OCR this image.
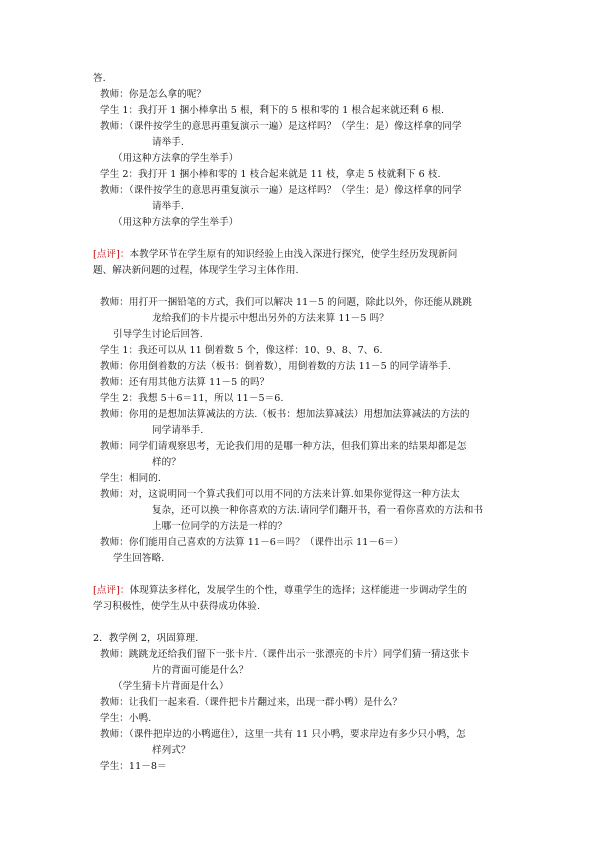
答.
教师：你是怎么拿的呢？
学生 1：我打开 1 捆小棒拿出 5 根，剩下的 5 根和零的 1 根合起来就还剩 6 根.
教师：（课件按学生的意思再重复演示一遍）是这样吗？（学生：是）像这样拿的同学
请举手.
（用这种方法拿的学生举手）
学生 2：我打开 1 捆小棒和零的 1 枝合起来就是 11 枝，拿走 5 枝就剩下 6 枝.
教师：（课件按学生的意思再重复演示一遍）是这样吗？（学生：是）像这样拿的同学
请举手.
（用这种方法拿的学生举手）
[点评]：本教学环节在学生原有的知识经验上由浅入深进行探究，使学生经历发现新问
题、解决新问题的过程，体现学生学习主体作用.
教师：用打开一捆铅笔的方式，我们可以解决 11－5 的问题，除此以外，你还能从跳跳
龙给我们的卡片提示中想出另外的方法来算 11－5 吗？
引导学生讨论后回答.
学生 1：我还可以从 11 倒着数 5 个，像这样：10、9、8、7、6.
教师：你用倒着数的方法（板书：倒着数），用倒着数的方法 11－5 的同学请举手.
教师：还有用其他方法算 11－5 的吗？
学生 2：我想 5＋6＝11，所以 11－5＝6.
教师：你用的是想加法算减法的方法.（板书：想加法算减法）用想加法算减法的方法的
同学请举手.
教师：同学们请观察思考，无论我们用的是哪一种方法，但我们算出来的结果却都是怎
样的？
学生：相同的.
教师：对，这说明同一个算式我们可以用不同的方法来计算.如果你觉得这一种方法太
复杂，还可以换一种你喜欢的方法.请同学们翻开书，看一看你喜欢的方法和书
上哪一位同学的方法是一样的？
教师：你们能用自己喜欢的方法算 11－6＝吗？（课件出示 11－6＝）
学生回答略.
[点评]：体现算法多样化，发展学生的个性，尊重学生的选择；这样能进一步调动学生的
学习积极性，使学生从中获得成功体验.
2．教学例 2，巩固算理.
教师：跳跳龙还给我们留下一张卡片.（课件出示一张漂亮的卡片）同学们猜一猜这张卡
片的背面可能是什么？
（学生猜卡片背面是什么）
教师：让我们一起来看.（课件把卡片翻过来，出现一群小鸭）是什么？
学生：小鸭.
教师：（课件把岸边的小鸭遮住），这里一共有 11 只小鸭，要求岸边有多少只小鸭，怎
样列式？
学生：11－8＝
